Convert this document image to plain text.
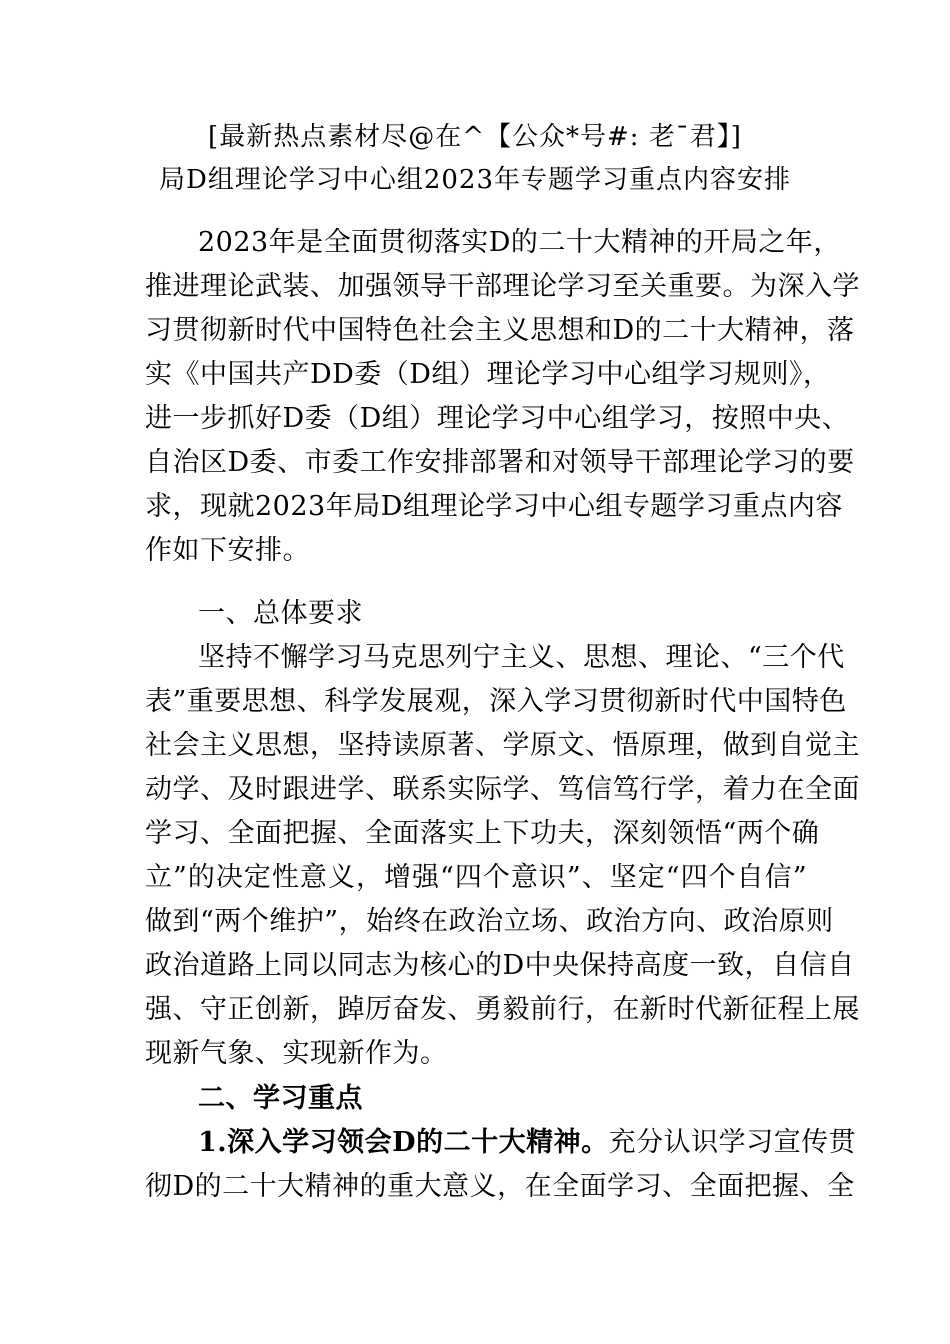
[最新热点素材尽@在^【公众*号#: 老¯君】]
局D组理论学习中心组2023年专题学习重点内容安排
2023年是全面贯彻落实D的二十大精神的开局之年，
推进理论武装、加强领导干部理论学习至关重要。为深入学
习贯彻新时代中国特色社会主义思想和D的二十大精神，落
实《中国共产DD委（D组）理论学习中心组学习规则》，
进一步抓好D委（D组）理论学习中心组学习，按照中央、
自治区D委、市委工作安排部署和对领导干部理论学习的要
求，现就2023年局D组理论学习中心组专题学习重点内容
作如下安排。
一、总体要求
坚持不懈学习马克思列宁主义、思想、理论、“三个代
表”重要思想、科学发展观，深入学习贯彻新时代中国特色
社会主义思想，坚持读原著、学原文、悟原理，做到自觉主
动学、及时跟进学、联系实际学、笃信笃行学，着力在全面
学习、全面把握、全面落实上下功夫，深刻领悟“两个确
立”的决定性意义，增强“四个意识”、坚定“四个自信”
做到“两个维护”，始终在政治立场、政治方向、政治原则
政治道路上同以同志为核心的D中央保持高度一致，自信自
强、守正创新，踔厉奋发、勇毅前行，在新时代新征程上展
现新气象、实现新作为。
二、学习重点
1.深入学习领会D的二十大精神。充分认识学习宣传贯
彻D的二十大精神的重大意义，在全面学习、全面把握、全
